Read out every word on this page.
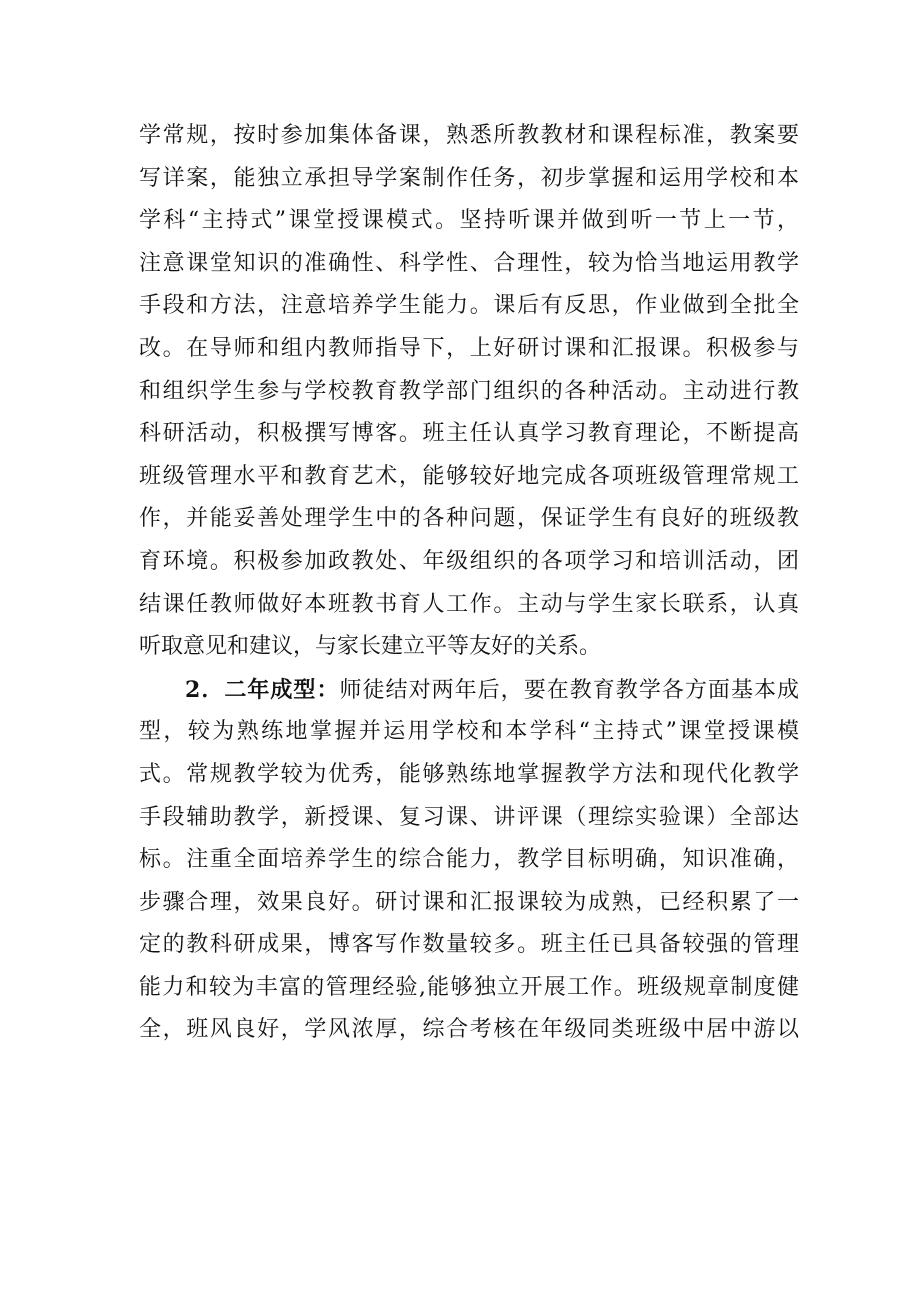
学常规，按时参加集体备课，熟悉所教教材和课程标准，教案要
写详案，能独立承担导学案制作任务，初步掌握和运用学校和本
学科“主持式”课堂授课模式。坚持听课并做到听一节上一节，
注意课堂知识的准确性、科学性、合理性，较为恰当地运用教学
手段和方法，注意培养学生能力。课后有反思，作业做到全批全
改。在导师和组内教师指导下，上好研讨课和汇报课。积极参与
和组织学生参与学校教育教学部门组织的各种活动。主动进行教
科研活动，积极撰写博客。班主任认真学习教育理论，不断提高
班级管理水平和教育艺术，能够较好地完成各项班级管理常规工
作，并能妥善处理学生中的各种问题，保证学生有良好的班级教
育环境。积极参加政教处、年级组织的各项学习和培训活动，团
结课任教师做好本班教书育人工作。主动与学生家长联系，认真
听取意见和建议，与家长建立平等友好的关系。
2．二年成型：师徒结对两年后，要在教育教学各方面基本成
型，较为熟练地掌握并运用学校和本学科“主持式”课堂授课模
式。常规教学较为优秀，能够熟练地掌握教学方法和现代化教学
手段辅助教学，新授课、复习课、讲评课（理综实验课）全部达
标。注重全面培养学生的综合能力，教学目标明确，知识准确，
步骤合理，效果良好。研讨课和汇报课较为成熟，已经积累了一
定的教科研成果，博客写作数量较多。班主任已具备较强的管理
能力和较为丰富的管理经验,能够独立开展工作。班级规章制度健
全，班风良好，学风浓厚，综合考核在年级同类班级中居中游以
